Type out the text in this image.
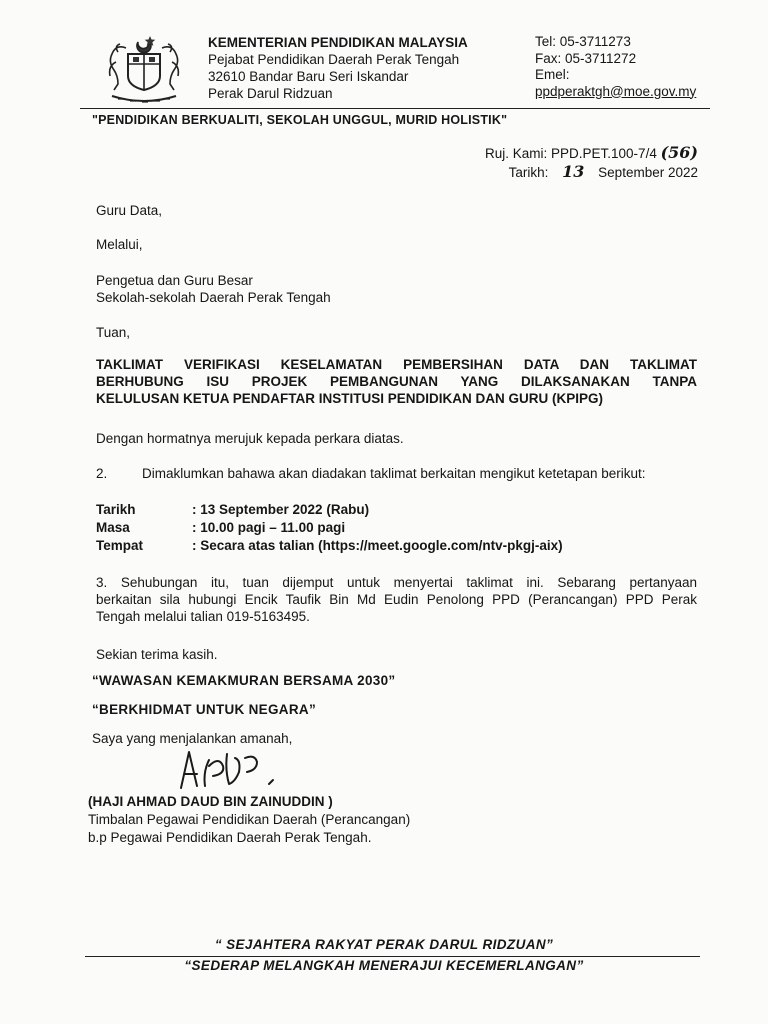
KEMENTERIAN PENDIDIKAN MALAYSIA
Pejabat Pendidikan Daerah Perak Tengah
32610 Bandar Baru Seri Iskandar
Perak Darul Ridzuan
Tel: 05-3711273
Fax: 05-3711272
Emel:
ppdperaktgh@moe.gov.my
"PENDIDIKAN BERKUALITI, SEKOLAH UNGGUL, MURID HOLISTIK"
Ruj. Kami: PPD.PET.100-7/4 (56)
Tarikh: 13 September 2022
Guru Data,
Melalui,
Pengetua dan Guru Besar
Sekolah-sekolah Daerah Perak Tengah
Tuan,
TAKLIMAT VERIFIKASI KESELAMATAN PEMBERSIHAN DATA DAN TAKLIMAT
BERHUBUNG ISU PROJEK PEMBANGUNAN YANG DILAKSANAKAN TANPA
KELULUSAN KETUA PENDAFTAR INSTITUSI PENDIDIKAN DAN GURU (KPIPG)
Dengan hormatnya merujuk kepada perkara diatas.
2.	Dimaklumkan bahawa akan diadakan taklimat berkaitan mengikut ketetapan berikut:
Tarikh	: 13 September 2022 (Rabu)
Masa	: 10.00 pagi – 11.00 pagi
Tempat	: Secara atas talian (https://meet.google.com/ntv-pkgj-aix)
3. Sehubungan itu, tuan dijemput untuk menyertai taklimat ini. Sebarang pertanyaan
berkaitan sila hubungi Encik Taufik Bin Md Eudin Penolong PPD (Perancangan) PPD Perak
Tengah melalui talian 019-5163495.
Sekian terima kasih.
“WAWASAN KEMAKMURAN BERSAMA 2030”
“BERKHIDMAT UNTUK NEGARA”
Saya yang menjalankan amanah,
(HAJI AHMAD DAUD BIN ZAINUDDIN )
Timbalan Pegawai Pendidikan Daerah (Perancangan)
b.p Pegawai Pendidikan Daerah Perak Tengah.
“ SEJAHTERA RAKYAT PERAK DARUL RIDZUAN”
“SEDERAP MELANGKAH MENERAJUI KECEMERLANGAN”
